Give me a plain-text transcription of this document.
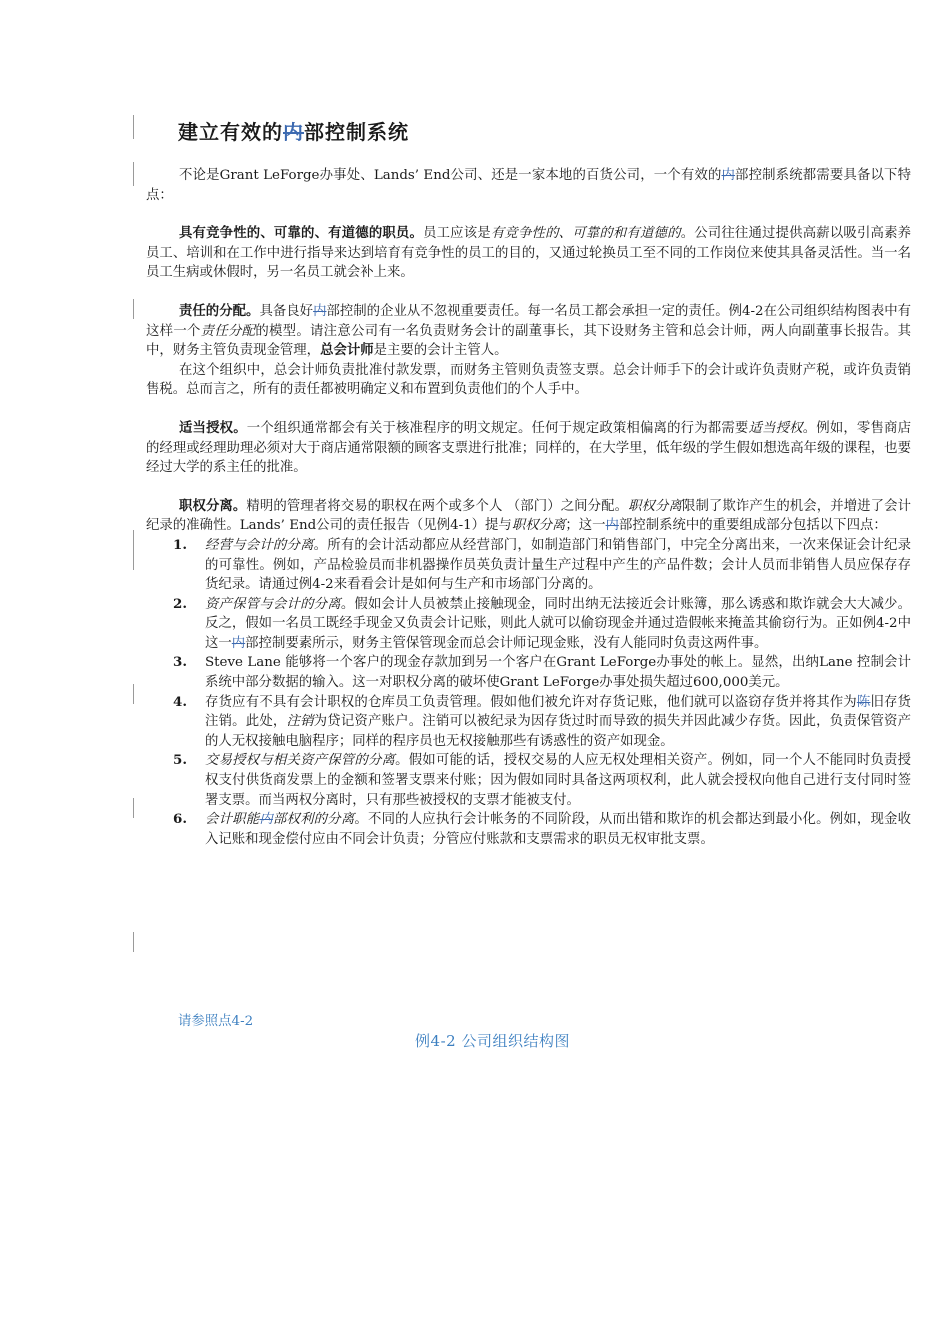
建立有效的内部控制系统

不论是Grant LeForge办事处、Lands’ End公司、还是一家本地的百货公司，一个有效的内部控制系统都需要具备以下特点：

具有竞争性的、可靠的、有道德的职员。员工应该是有竞争性的、可靠的和有道德的。公司往往通过提供高薪以吸引高素养员工、培训和在工作中进行指导来达到培育有竞争性的员工的目的，又通过轮换员工至不同的工作岗位来使其具备灵活性。当一名员工生病或休假时，另一名员工就会补上来。

责任的分配。具备良好内部控制的企业从不忽视重要责任。每一名员工都会承担一定的责任。例4-2在公司组织结构图表中有这样一个责任分配的模型。请注意公司有一名负责财务会计的副董事长，其下设财务主管和总会计师，两人向副董事长报告。其中，财务主管负责现金管理，总会计师是主要的会计主管人。

在这个组织中，总会计师负责批准付款发票，而财务主管则负责签支票。总会计师手下的会计或许负责财产税，或许负责销售税。总而言之，所有的责任都被明确定义和布置到负责他们的个人手中。

适当授权。一个组织通常都会有关于核准程序的明文规定。任何于规定政策相偏离的行为都需要适当授权。例如，零售商店的经理或经理助理必须对大于商店通常限额的顾客支票进行批准；同样的，在大学里，低年级的学生假如想选高年级的课程，也要经过大学的系主任的批准。

职权分离。精明的管理者将交易的职权在两个或多个人 （部门）之间分配。职权分离限制了欺诈产生的机会，并增进了会计纪录的准确性。Lands’ End公司的责任报告（见例4-1）提与职权分离；这一内部控制系统中的重要组成部分包括以下四点：

1. 经营与会计的分离。所有的会计活动都应从经营部门，如制造部门和销售部门，中完全分离出来，一次来保证会计纪录的可靠性。例如，产品检验员而非机器操作员英负责计量生产过程中产生的产品件数；会计人员而非销售人员应保存存货纪录。请通过例4-2来看看会计是如何与生产和市场部门分离的。
2. 资产保管与会计的分离。假如会计人员被禁止接触现金，同时出纳无法接近会计账簿，那么诱惑和欺诈就会大大减少。反之，假如一名员工既经手现金又负责会计记账，则此人就可以偷窃现金并通过造假帐来掩盖其偷窃行为。正如例4-2中这一内部控制要素所示，财务主管保管现金而总会计师记现金账，没有人能同时负责这两件事。
3. Steve Lane 能够将一个客户的现金存款加到另一个客户在Grant LeForge办事处的帐上。显然，出纳Lane 控制会计系统中部分数据的输入。这一对职权分离的破坏使Grant LeForge办事处损失超过600,000美元。
4. 存货应有不具有会计职权的仓库员工负责管理。假如他们被允许对存货记账，他们就可以盗窃存货并将其作为陈旧存货注销。此处，注销为贷记资产账户。注销可以被纪录为因存货过时而导致的损失并因此减少存货。因此，负责保管资产的人无权接触电脑程序；同样的程序员也无权接触那些有诱惑性的资产如现金。
5. 交易授权与相关资产保管的分离。假如可能的话，授权交易的人应无权处理相关资产。例如，同一个人不能同时负责授权支付供货商发票上的金额和签署支票来付账；因为假如同时具备这两项权利，此人就会授权向他自己进行支付同时签署支票。而当两权分离时，只有那些被授权的支票才能被支付。
6. 会计职能内部权利的分离。不同的人应执行会计帐务的不同阶段，从而出错和欺诈的机会都达到最小化。例如，现金收入记账和现金偿付应由不同会计负责；分管应付账款和支票需求的职员无权审批支票。
请参照点4-2
例4-2 公司组织结构图
